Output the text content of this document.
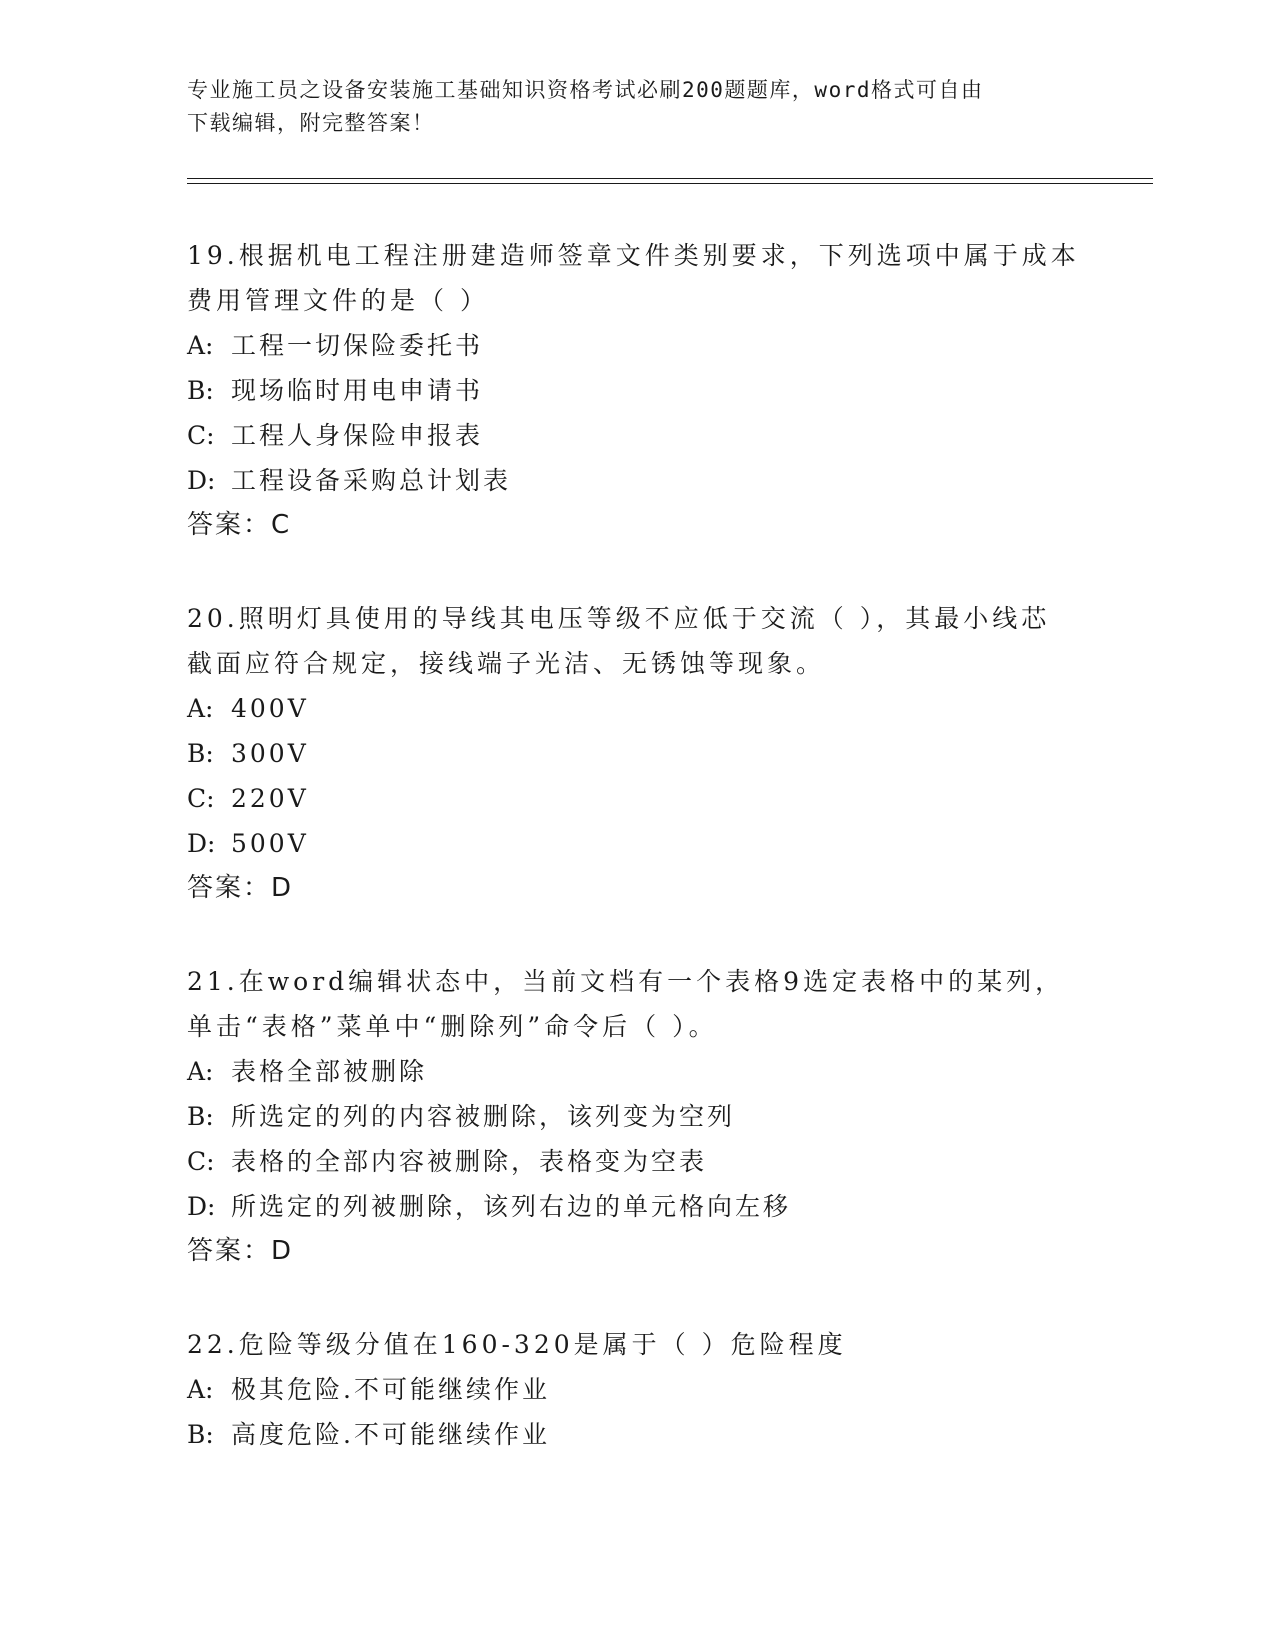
专业施工员之设备安装施工基础知识资格考试必刷200题题库，word格式可自由
下载编辑，附完整答案！

19.根据机电工程注册建造师签章文件类别要求，下列选项中属于成本

费用管理文件的是（ ）

A: 工程一切保险委托书

B: 现场临时用电申请书

C: 工程人身保险申报表

D: 工程设备采购总计划表

答案：C

20.照明灯具使用的导线其电压等级不应低于交流（ ），其最小线芯

截面应符合规定，接线端子光洁、无锈蚀等现象。

A: 400V

B: 300V

C: 220V

D: 500V

答案：D

21.在word编辑状态中，当前文档有一个表格9选定表格中的某列，

单击“表格”菜单中“删除列”命令后（ ）。

A: 表格全部被删除

B: 所选定的列的内容被删除，该列变为空列

C: 表格的全部内容被删除，表格变为空表

D: 所选定的列被删除，该列右边的单元格向左移

答案：D

22.危险等级分值在160-320是属于（ ）危险程度

A: 极其危险.不可能继续作业

B: 高度危险.不可能继续作业
